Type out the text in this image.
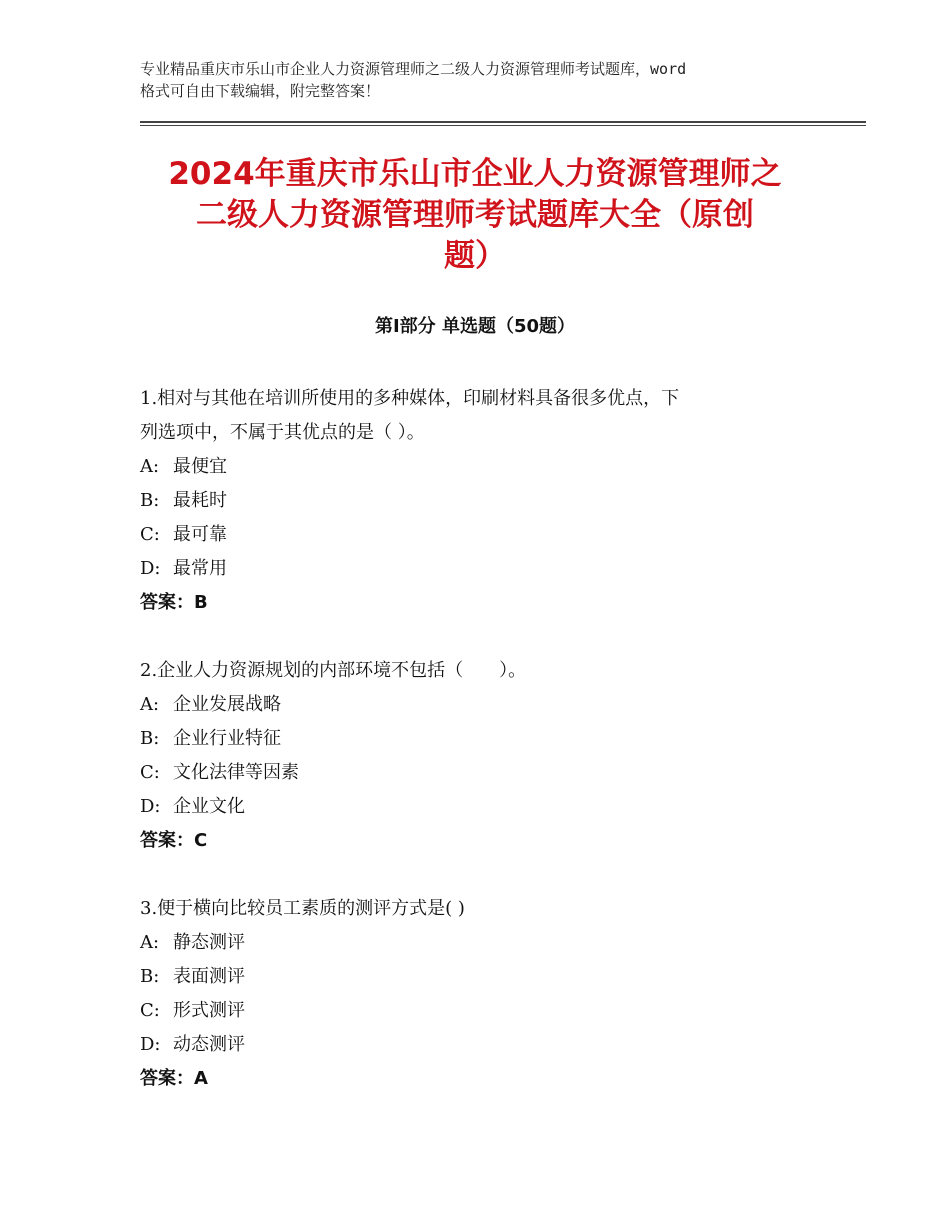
专业精品重庆市乐山市企业人力资源管理师之二级人力资源管理师考试题库，word
格式可自由下载编辑，附完整答案！
2024年重庆市乐山市企业人力资源管理师之
二级人力资源管理师考试题库大全（原创
题）
第Ⅰ部分 单选题（50题）
1.相对与其他在培训所使用的多种媒体，印刷材料具备很多优点，下
列选项中，不属于其优点的是（ ）。
A: 最便宜
B: 最耗时
C: 最可靠
D: 最常用
答案：B
2.企业人力资源规划的内部环境不包括（　　）。
A: 企业发展战略
B: 企业行业特征
C: 文化法律等因素
D: 企业文化
答案：C
3.便于横向比较员工素质的测评方式是( )
A: 静态测评
B: 表面测评
C: 形式测评
D: 动态测评
答案：A
